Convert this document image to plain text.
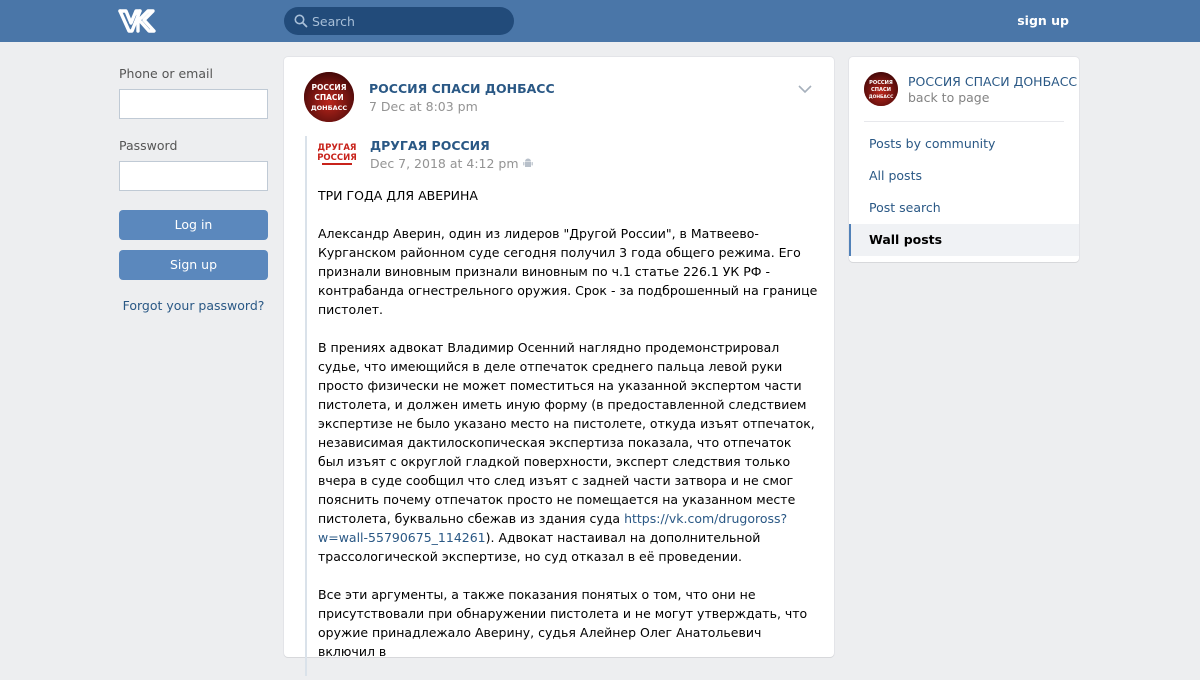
Search
sign up
Phone or email
Password
Log in
Sign up
Forgot your password?
РОССИЯ
СПАСИ
ДОНБАСС
РОССИЯ СПАСИ ДОНБАСС
7 Dec at 8:03 pm
ДРУГАЯ
РОССИЯ
ДРУГАЯ РОССИЯ
Dec 7, 2018 at 4:12 pm

ТРИ ГОДА ДЛЯ АВЕРИНА

Александр Аверин, один из лидеров "Другой России", в Матвеево-Курганском районном суде сегодня получил 3 года общего режима. Его признали виновным признали виновным по ч.1 статье 226.1 УК РФ - контрабанда огнестрельного оружия. Срок - за подброшенный на границе пистолет.

В прениях адвокат Владимир Осенний наглядно продемонстрировал судье, что имеющийся в деле отпечаток среднего пальца левой руки просто физически не может поместиться на указанной экспертом части пистолета, и должен иметь иную форму (в предоставленной следствием экспертизе не было указано место на пистолете, откуда изъят отпечаток, независимая дактилоскопическая экспертиза показала, что отпечаток был изъят с округлой гладкой поверхности, эксперт следствия только вчера в суде сообщил что след изъят с задней части затвора и не смог пояснить почему отпечаток просто не помещается на указанном месте пистолета, буквально сбежав из здания суда https://vk.com/drugoross?w=wall-55790675_114261). Адвокат настаивал на дополнительной трассологической экспертизе, но суд отказал в её проведении.

Все эти аргументы, а также показания понятых о том, что они не присутствовали при обнаружении пистолета и не могут утверждать, что оружие принадлежало Аверину, судья Алейнер Олег Анатольевич включил в

РОССИЯ
СПАСИ
ДОНБАСС
РОССИЯ СПАСИ ДОНБАСС
back to page
Posts by community
All posts
Post search
Wall posts
